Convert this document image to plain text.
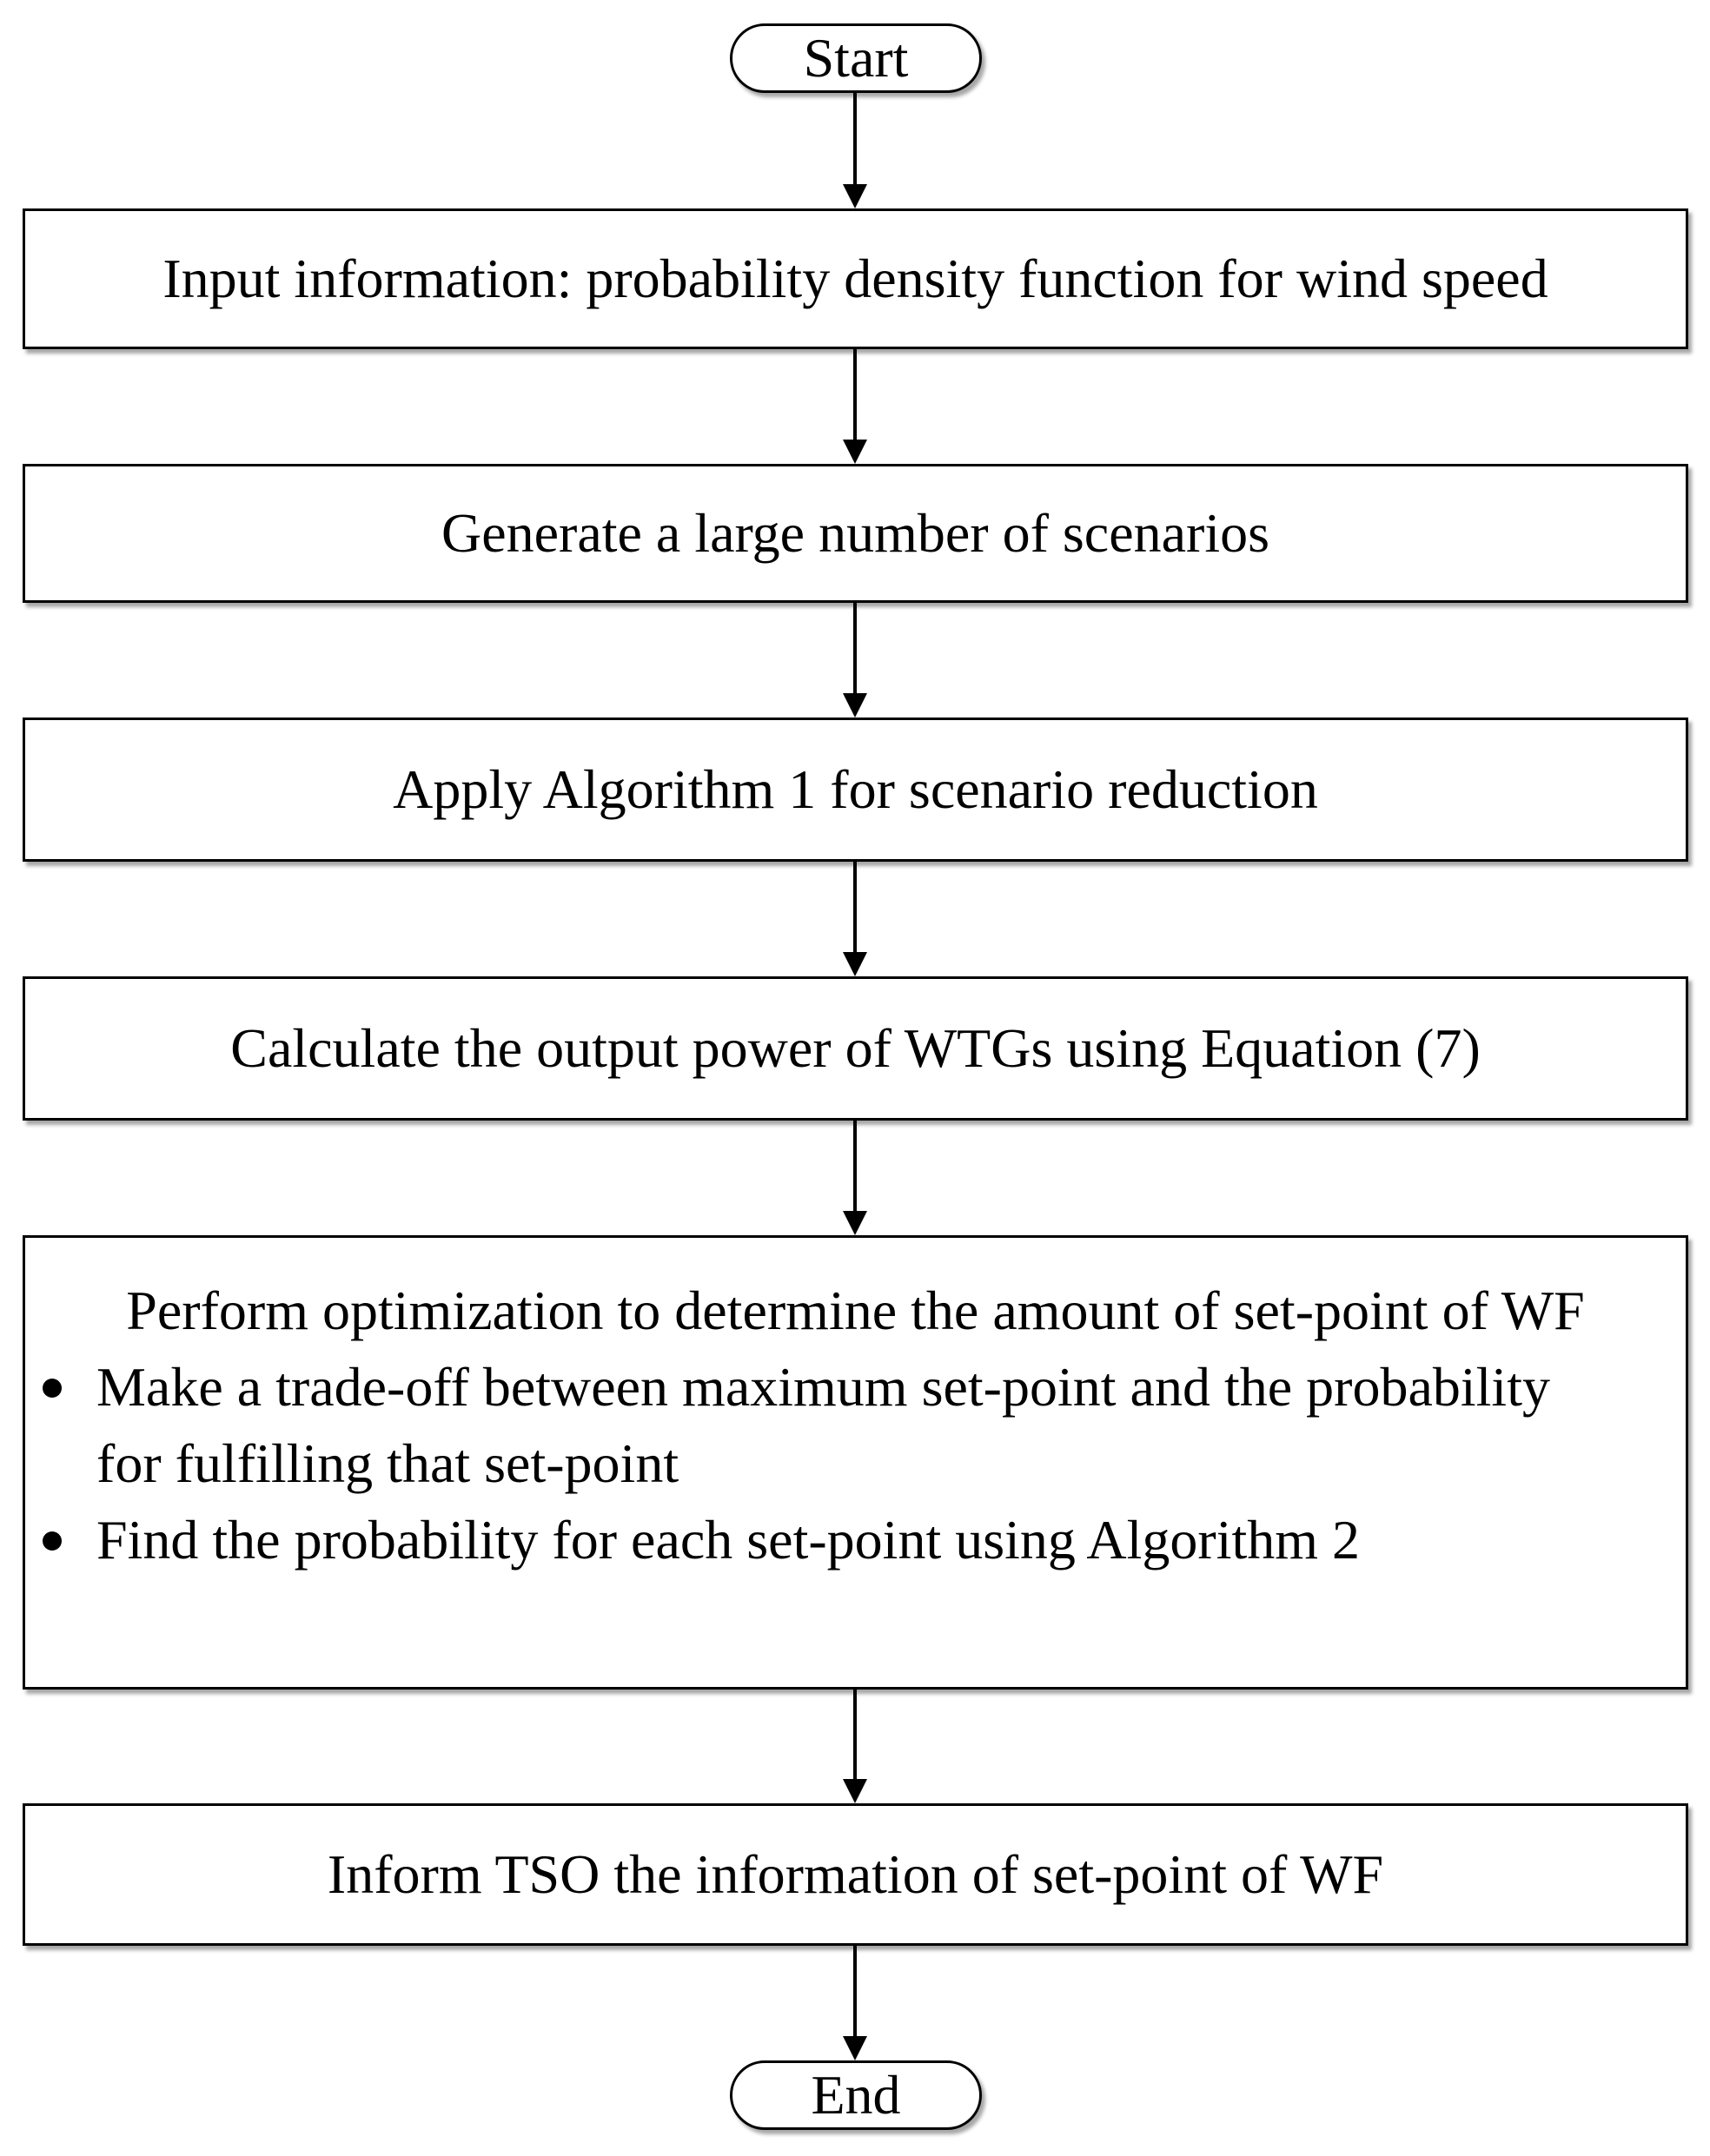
Start
Input information: probability density function for wind speed
Generate a large number of scenarios
Apply Algorithm 1 for scenario reduction
Calculate the output power of WTGs using Equation (7)
Perform optimization to determine the amount of set-point of WF
Make a trade-off between maximum set-point and the probability for fulfilling that set-point
Find the probability for each set-point using Algorithm 2
Inform TSO the information of set-point of WF
End
